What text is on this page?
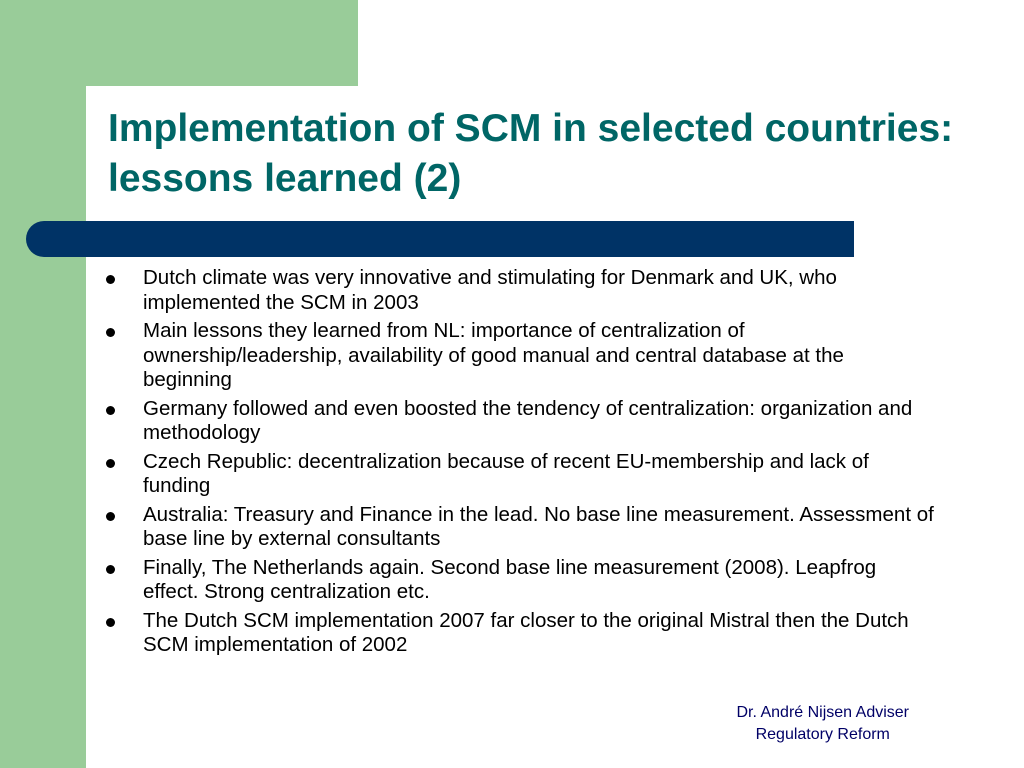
Implementation of SCM in selected countries: lessons learned (2)
Dutch climate was very innovative and stimulating for Denmark and UK, who implemented the SCM in 2003
Main lessons they learned from NL: importance of centralization of ownership/leadership, availability of good manual and central database at the beginning
Germany followed and even boosted the tendency of centralization: organization and methodology
Czech Republic: decentralization because of recent EU-membership and lack of funding
Australia: Treasury and Finance in the lead. No base line measurement. Assessment of base line by external consultants
Finally, The Netherlands again. Second base line measurement (2008). Leapfrog effect. Strong centralization etc.
The Dutch SCM implementation 2007 far closer to the original Mistral then the Dutch SCM implementation of 2002
Dr. André Nijsen Adviser
Regulatory Reform
